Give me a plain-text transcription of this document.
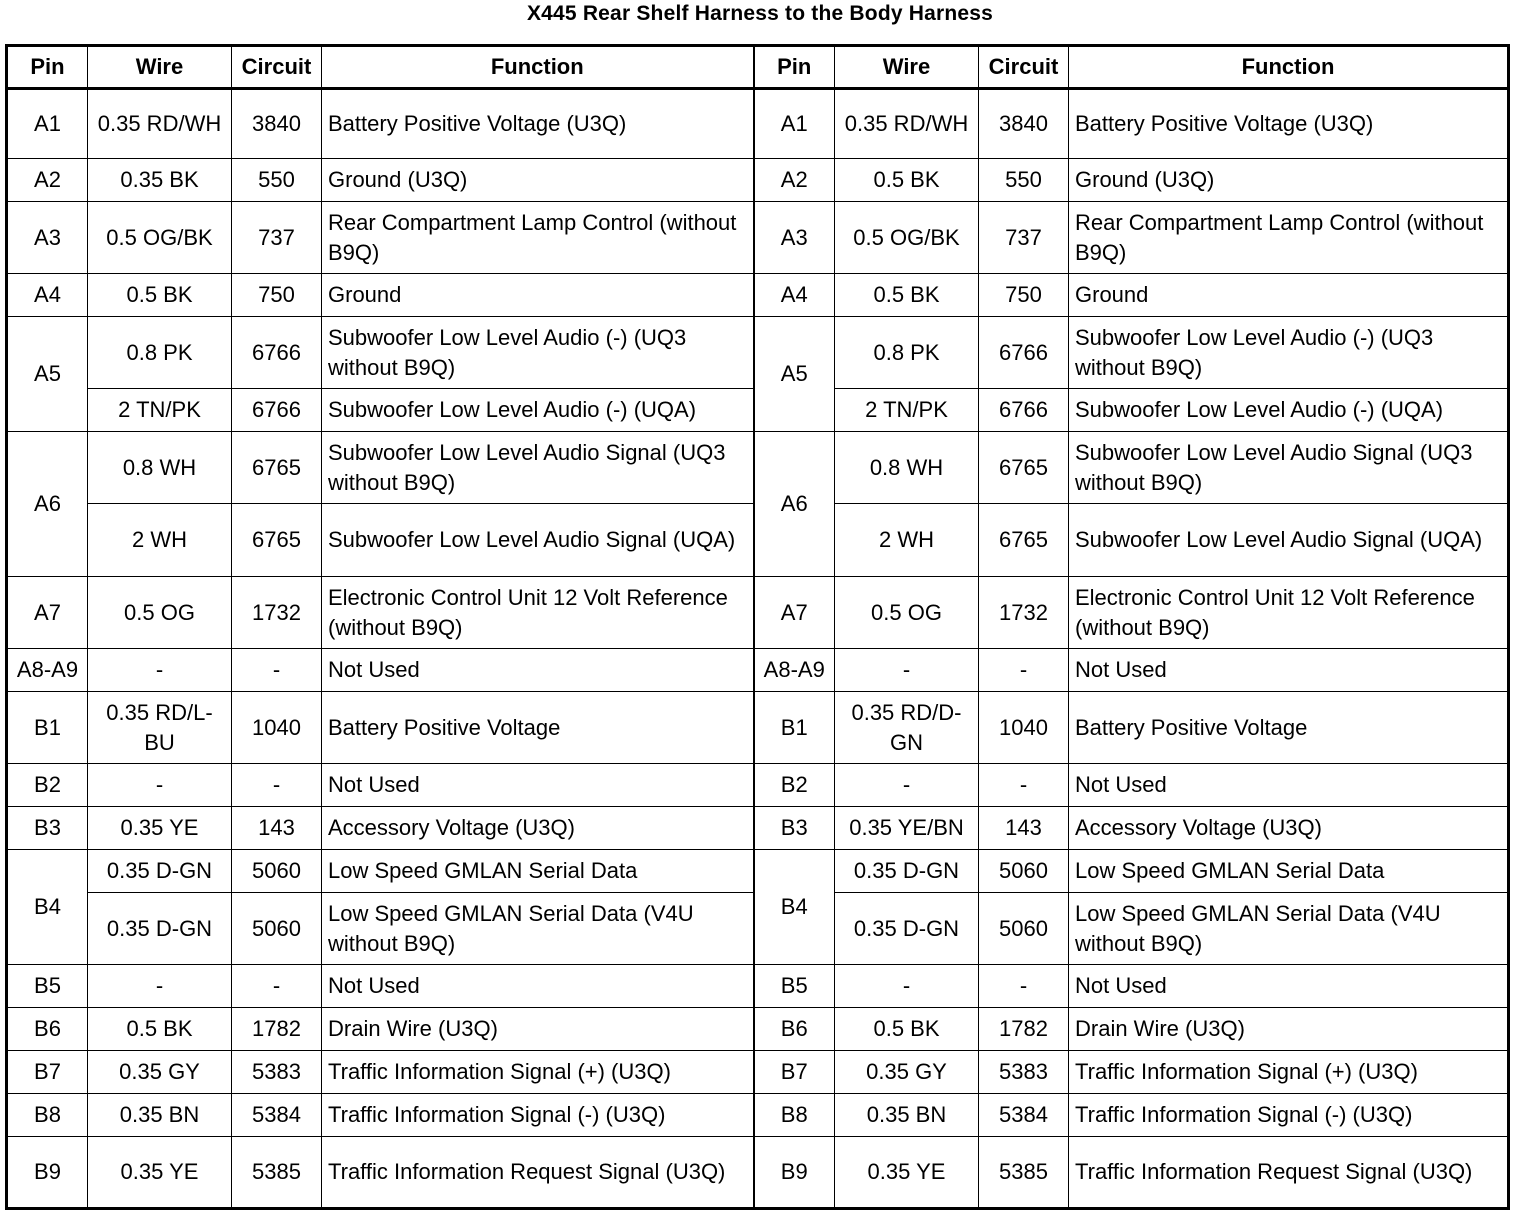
X445 Rear Shelf Harness to the Body Harness
Pin	Wire	Circuit	Function	Pin	Wire	Circuit	Function
A1	0.35 RD/WH	3840	Battery Positive Voltage (U3Q)	A1	0.35 RD/WH	3840	Battery Positive Voltage (U3Q)
A2	0.35 BK	550	Ground (U3Q)	A2	0.5 BK	550	Ground (U3Q)
A3	0.5 OG/BK	737	Rear Compartment Lamp Control (without B9Q)	A3	0.5 OG/BK	737	Rear Compartment Lamp Control (without B9Q)
A4	0.5 BK	750	Ground	A4	0.5 BK	750	Ground
A5	0.8 PK	6766	Subwoofer Low Level Audio (-) (UQ3 without B9Q)	A5	0.8 PK	6766	Subwoofer Low Level Audio (-) (UQ3 without B9Q)
	2 TN/PK	6766	Subwoofer Low Level Audio (-) (UQA)		2 TN/PK	6766	Subwoofer Low Level Audio (-) (UQA)
A6	0.8 WH	6765	Subwoofer Low Level Audio Signal (UQ3 without B9Q)	A6	0.8 WH	6765	Subwoofer Low Level Audio Signal (UQ3 without B9Q)
	2 WH	6765	Subwoofer Low Level Audio Signal (UQA)		2 WH	6765	Subwoofer Low Level Audio Signal (UQA)
A7	0.5 OG	1732	Electronic Control Unit 12 Volt Reference (without B9Q)	A7	0.5 OG	1732	Electronic Control Unit 12 Volt Reference (without B9Q)
A8-A9	-	-	Not Used	A8-A9	-	-	Not Used
B1	0.35 RD/L-BU	1040	Battery Positive Voltage	B1	0.35 RD/D-GN	1040	Battery Positive Voltage
B2	-	-	Not Used	B2	-	-	Not Used
B3	0.35 YE	143	Accessory Voltage (U3Q)	B3	0.35 YE/BN	143	Accessory Voltage (U3Q)
B4	0.35 D-GN	5060	Low Speed GMLAN Serial Data	B4	0.35 D-GN	5060	Low Speed GMLAN Serial Data
	0.35 D-GN	5060	Low Speed GMLAN Serial Data (V4U without B9Q)		0.35 D-GN	5060	Low Speed GMLAN Serial Data (V4U without B9Q)
B5	-	-	Not Used	B5	-	-	Not Used
B6	0.5 BK	1782	Drain Wire (U3Q)	B6	0.5 BK	1782	Drain Wire (U3Q)
B7	0.35 GY	5383	Traffic Information Signal (+) (U3Q)	B7	0.35 GY	5383	Traffic Information Signal (+) (U3Q)
B8	0.35 BN	5384	Traffic Information Signal (-) (U3Q)	B8	0.35 BN	5384	Traffic Information Signal (-) (U3Q)
B9	0.35 YE	5385	Traffic Information Request Signal (U3Q)	B9	0.35 YE	5385	Traffic Information Request Signal (U3Q)
